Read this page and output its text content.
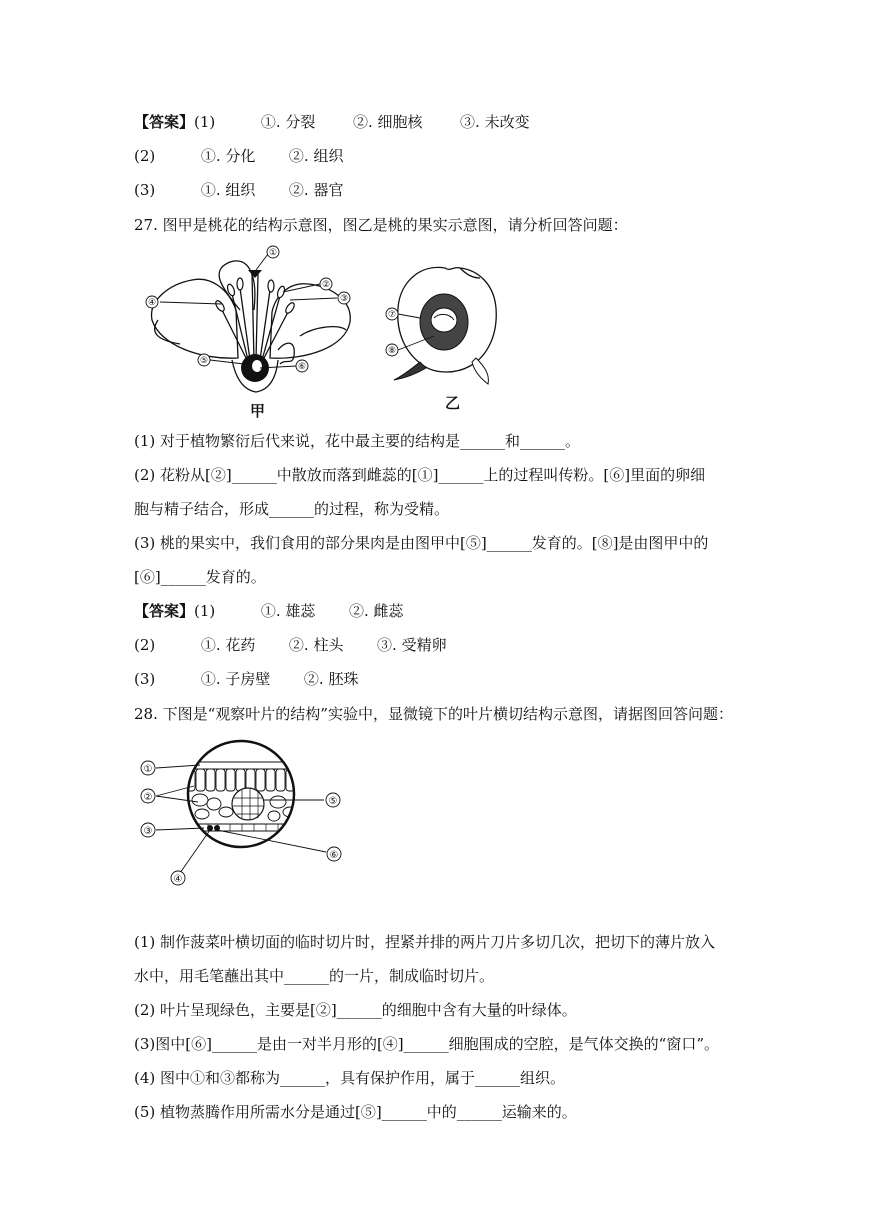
【答案】(1)	①. 分裂	②. 细胞核	③. 未改变
(2)	①. 分化 ②. 组织
(3)	①. 组织 ②. 器官
27. 图甲是桃花的结构示意图，图乙是桃的果实示意图，请分析回答问题：
①
②
③
④
⑤
⑥
甲
⑦
⑧
乙
(1) 对于植物繁衍后代来说，花中最主要的结构是______和______。
(2) 花粉从[②]______中散放而落到雌蕊的[①]______上的过程叫传粉。[⑥]里面的卵细
胞与精子结合，形成______的过程，称为受精。
(3) 桃的果实中，我们食用的部分果肉是由图甲中[⑤]______发育的。[⑧]是由图甲中的
[⑥]______发育的。
【答案】(1)	①. 雄蕊 ②. 雌蕊
(2)	①. 花药 ②. 柱头 ③. 受精卵
(3)	①. 子房壁 ②. 胚珠
28. 下图是“观察叶片的结构”实验中，显微镜下的叶片横切结构示意图，请据图回答问题：
①
②
③
④
⑤
⑥
(1) 制作菠菜叶横切面的临时切片时，捏紧并排的两片刀片多切几次，把切下的薄片放入
水中，用毛笔蘸出其中______的一片，制成临时切片。
(2) 叶片呈现绿色，主要是[②]______的细胞中含有大量的叶绿体。
(3)图中[⑥]______是由一对半月形的[④]______细胞围成的空腔，是气体交换的“窗口”。
(4) 图中①和③都称为______，具有保护作用，属于______组织。
(5) 植物蒸腾作用所需水分是通过[⑤]______中的______运输来的。
